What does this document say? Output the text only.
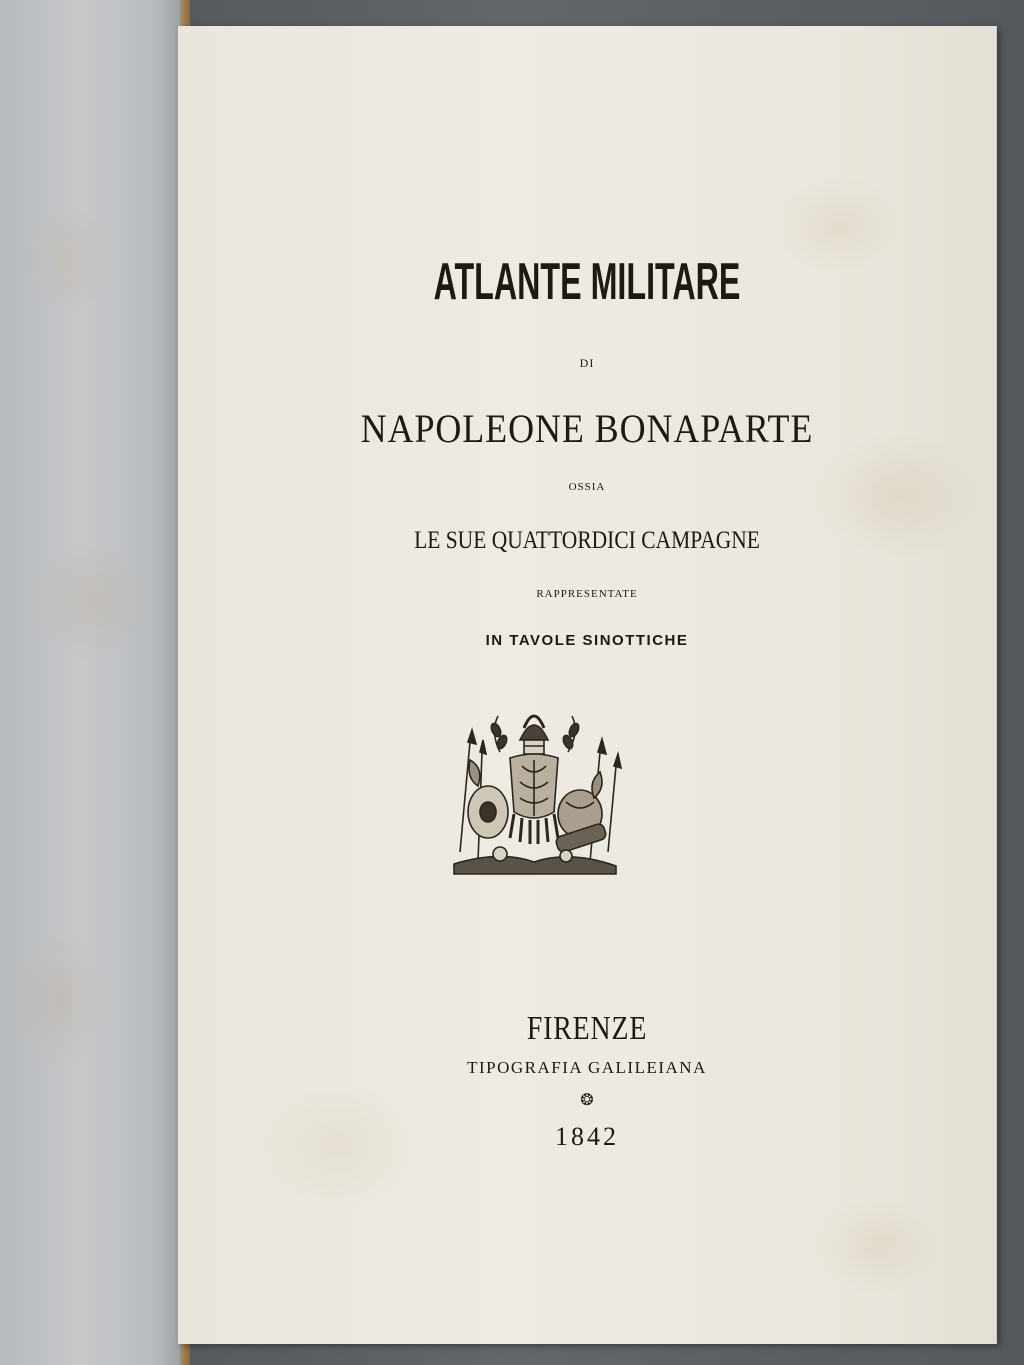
ATLANTE MILITARE
DI
NAPOLEONE BONAPARTE
OSSIA
LE SUE QUATTORDICI CAMPAGNE
RAPPRESENTATE
IN TAVOLE SINOTTICHE
FIRENZE
TIPOGRAFIA GALILEIANA
❂
1842
